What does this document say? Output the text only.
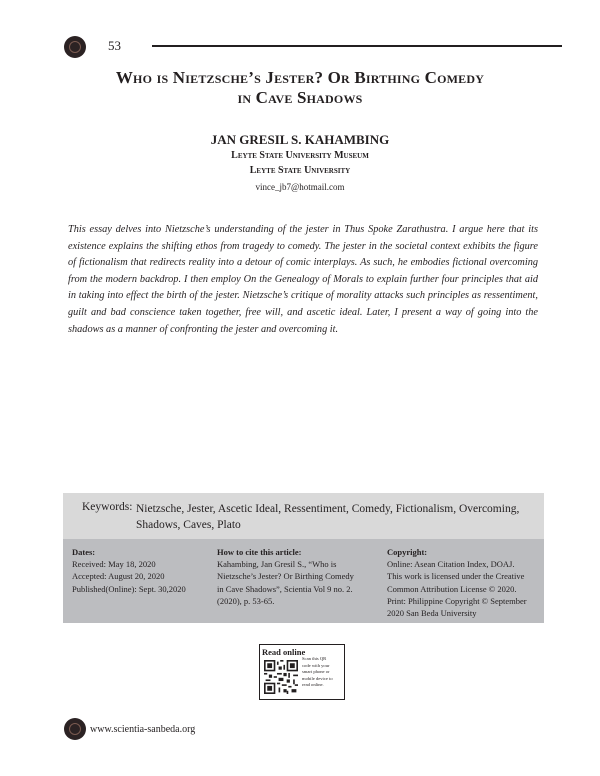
53
Who is Nietzsche’s Jester? Or Birthing Comedy
in Cave Shadows
JAN GRESIL S. KAHAMBING
Leyte State University Museum
Leyte State University
vince_jb7@hotmail.com

This essay delves into Nietzsche’s understanding of the jester in Thus Spoke Zarathustra. I argue here that its existence explains the shifting ethos from tragedy to comedy. The jester in the societal context exhibits the figure of fictionalism that redirects reality into a detour of comic interplays. As such, he embodies fictional overcoming from the modern backdrop. I then employ On the Genealogy of Morals to explain further four principles that aid in taking into effect the birth of the jester. Nietzsche’s critique of morality attacks such principles as ressentiment, guilt and bad conscience taken together, free will, and ascetic ideal. Later, I present a way of going into the shadows as a manner of confronting the jester and overcoming it.

Keywords: Nietzsche, Jester, Ascetic Ideal, Ressentiment, Comedy, Fictionalism, Overcoming,
Shadows, Caves, Plato
Dates:
Received: May 18, 2020
Accepted: August 20, 2020
Published(Online): Sept. 30,2020
How to cite this article:
Kahambing, Jan Gresil S., “Who is
Nietzsche’s Jester? Or Birthing Comedy
in Cave Shadows”, Scientia Vol 9 no. 2.
(2020), p. 53-65.
Copyright:
Online: Asean Citation Index, DOAJ.
This work is licensed under the Creative
Common Attribution License © 2020.
Print: Philippine Copyright © September
2020 San Beda University
Read online
Scan this QR
code with your
smart phone or
mobile device to
read online.
www.scientia-sanbeda.org
